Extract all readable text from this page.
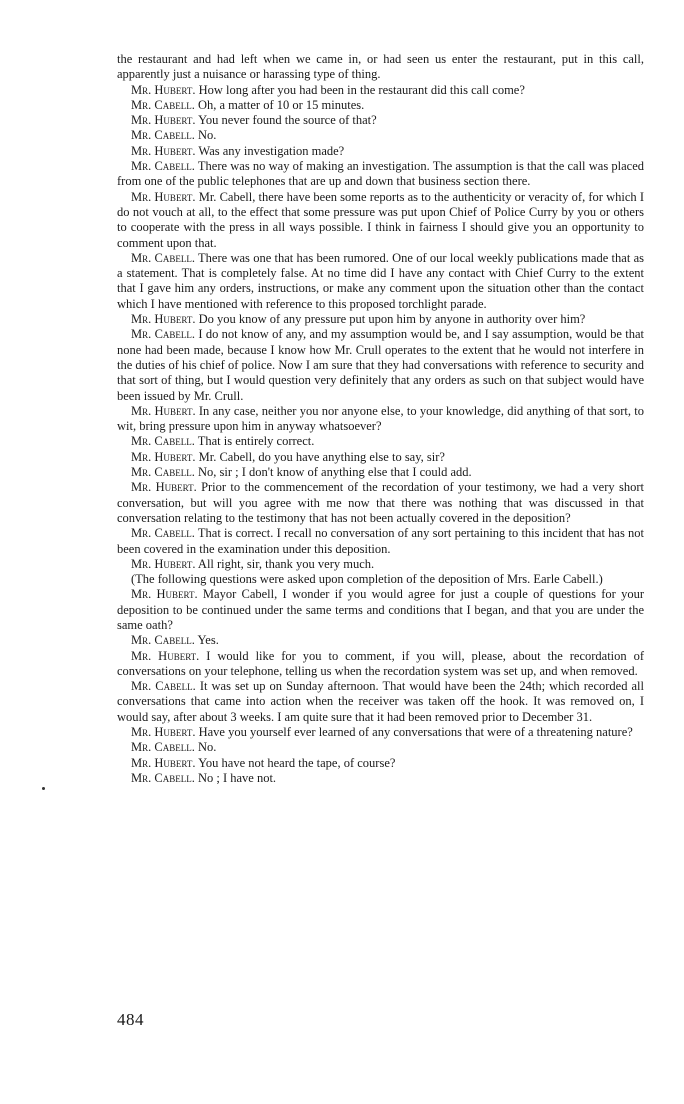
the restaurant and had left when we came in, or had seen us enter the restaurant, put in this call, apparently just a nuisance or harassing type of thing.

Mr. Hubert. How long after you had been in the restaurant did this call come?

Mr. Cabell. Oh, a matter of 10 or 15 minutes.

Mr. Hubert. You never found the source of that?

Mr. Cabell. No.

Mr. Hubert. Was any investigation made?

Mr. Cabell. There was no way of making an investigation. The assumption is that the call was placed from one of the public telephones that are up and down that business section there.

Mr. Hubert. Mr. Cabell, there have been some reports as to the authenticity or veracity of, for which I do not vouch at all, to the effect that some pressure was put upon Chief of Police Curry by you or others to cooperate with the press in all ways possible. I think in fairness I should give you an opportunity to comment upon that.

Mr. Cabell. There was one that has been rumored. One of our local weekly publications made that as a statement. That is completely false. At no time did I have any contact with Chief Curry to the extent that I gave him any orders, instructions, or make any comment upon the situation other than the contact which I have mentioned with reference to this proposed torchlight parade.

Mr. Hubert. Do you know of any pressure put upon him by anyone in authority over him?

Mr. Cabell. I do not know of any, and my assumption would be, and I say assumption, would be that none had been made, because I know how Mr. Crull operates to the extent that he would not interfere in the duties of his chief of police. Now I am sure that they had conversations with reference to security and that sort of thing, but I would question very definitely that any orders as such on that subject would have been issued by Mr. Crull.

Mr. Hubert. In any case, neither you nor anyone else, to your knowledge, did anything of that sort, to wit, bring pressure upon him in anyway whatsoever?

Mr. Cabell. That is entirely correct.

Mr. Hubert. Mr. Cabell, do you have anything else to say, sir?

Mr. Cabell. No, sir ; I don't know of anything else that I could add.

Mr. Hubert. Prior to the commencement of the recordation of your testimony, we had a very short conversation, but will you agree with me now that there was nothing that was discussed in that conversation relating to the testimony that has not been actually covered in the deposition?

Mr. Cabell. That is correct. I recall no conversation of any sort pertaining to this incident that has not been covered in the examination under this deposition.

Mr. Hubert. All right, sir, thank you very much.

(The following questions were asked upon completion of the deposition of Mrs. Earle Cabell.)

Mr. Hubert. Mayor Cabell, I wonder if you would agree for just a couple of questions for your deposition to be continued under the same terms and conditions that I began, and that you are under the same oath?

Mr. Cabell. Yes.

Mr. Hubert. I would like for you to comment, if you will, please, about the recordation of conversations on your telephone, telling us when the recordation system was set up, and when removed.

Mr. Cabell. It was set up on Sunday afternoon. That would have been the 24th; which recorded all conversations that came into action when the receiver was taken off the hook. It was removed on, I would say, after about 3 weeks. I am quite sure that it had been removed prior to December 31.

Mr. Hubert. Have you yourself ever learned of any conversations that were of a threatening nature?

Mr. Cabell. No.

Mr. Hubert. You have not heard the tape, of course?

Mr. Cabell. No ; I have not.

484
